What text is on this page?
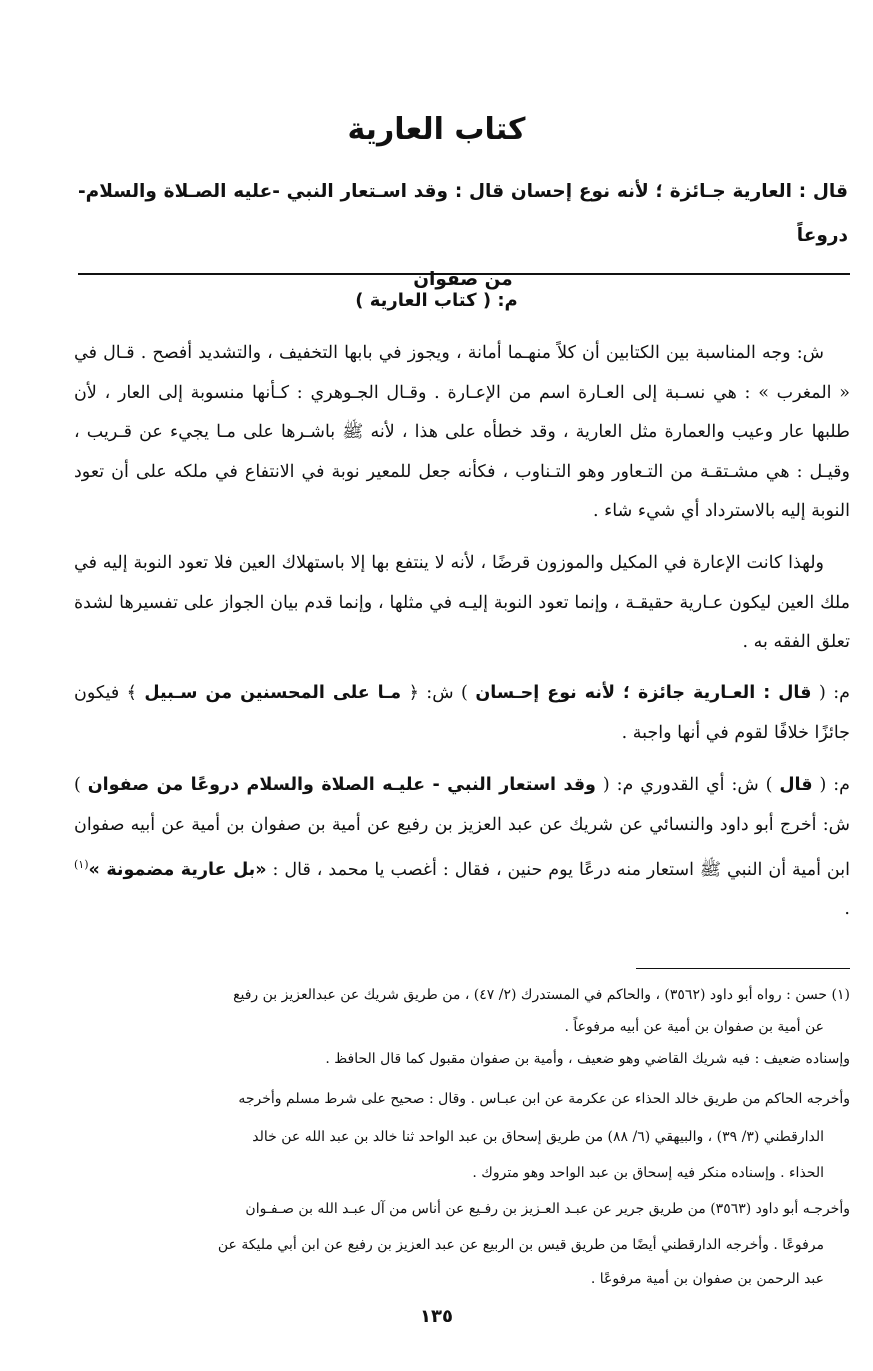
كتاب العارية
قال : العارية جـائزة ؛ لأنه نوع إحسان قال : وقد اسـتعار النبي -عليه الصـلاة والسلام- دروعاً
من صفوان
م: ( كتاب العارية )
ش: وجه المناسبة بين الكتابين أن كلاً منهـما أمانة ، ويجوز في بابها التخفيف ، والتشديد أفصح . قـال في « المغرب » : هي نسـبة إلى العـارة اسم من الإعـارة . وقـال الجـوهري : كـأنها منسوبة إلى العار ، لأن طلبها عار وعيب والعمارة مثل العارية ، وقد خطأه على هذا ، لأنه ﷺ باشـرها على مـا يجيء عن قـريب ، وقيـل : هي مشـتقـة من التـعاور وهو التـناوب ، فكأنه جعل للمعير نوبة في الانتفاع في ملكه على أن تعود النوبة إليه بالاسترداد أي شيء شاء .
ولهذا كانت الإعارة في المكيل والموزون قرضًا ، لأنه لا ينتفع بها إلا باستهلاك العين فلا تعود النوبة إليه في ملك العين ليكون عـارية حقيقـة ، وإنما تعود النوبة إليـه في مثلها ، وإنما قدم بيان الجواز على تفسيرها لشدة تعلق الفقه به .
م: ( قال : العـارية جائزة ؛ لأنه نوع إحـسان ) ش: ﴿ مـا على المحسنين من سـبيل ﴾ فيكون جائزًا خلافًا لقوم في أنها واجبة .
م: ( قال ) ش: أي القدوري م: ( وقد استعار النبي - عليـه الصلاة والسلام دروعًا من صفوان ) ش: أخرج أبو داود والنسائي عن شريك عن عبد العزيز بن رفيع عن أمية بن صفوان بن أمية عن أبيه صفوان ابن أمية أن النبي ﷺ استعار منه درعًا يوم حنين ، فقال : أغصب يا محمد ، قال : «بل عارية مضمونة »$^{(١)}$ .
(١) حسن : رواه أبو داود (٣٥٦٢) ، والحاكم في المستدرك (٢/ ٤٧) ، من طريق شريك عن عبدالعزيز بن رفيع
عن أمية بن صفوان بن أمية عن أبيه مرفوعاً .
وإسناده ضعيف : فيه شريك القاضي وهو ضعيف ، وأمية بن صفوان مقبول كما قال الحافظ .
وأخرجه الحاكم من طريق خالد الحذاء عن عكرمة عن ابن عبـاس . وقال : صحيح على شرط مسلم وأخرجه
الدارقطني (٣/ ٣٩) ، والبيهقي (٦/ ٨٨) من طريق إسحاق بن عبد الواحد ثنا خالد بن عبد الله عن خالد
الحذاء . وإسناده منكر فيه إسحاق بن عبد الواحد وهو متروك .
وأخرجـه أبو داود (٣٥٦٣) من طريق جرير عن عبـد العـزيز بن رفـيع عن أناس من آل عبـد الله بن صـفـوان
مرفوعًا . وأخرجه الدارقطني أيضًا من طريق قيس بن الربيع عن عبد العزيز بن رفيع عن ابن أبي مليكة عن
عبد الرحمن بن صفوان بن أمية مرفوعًا .
١٣٥
